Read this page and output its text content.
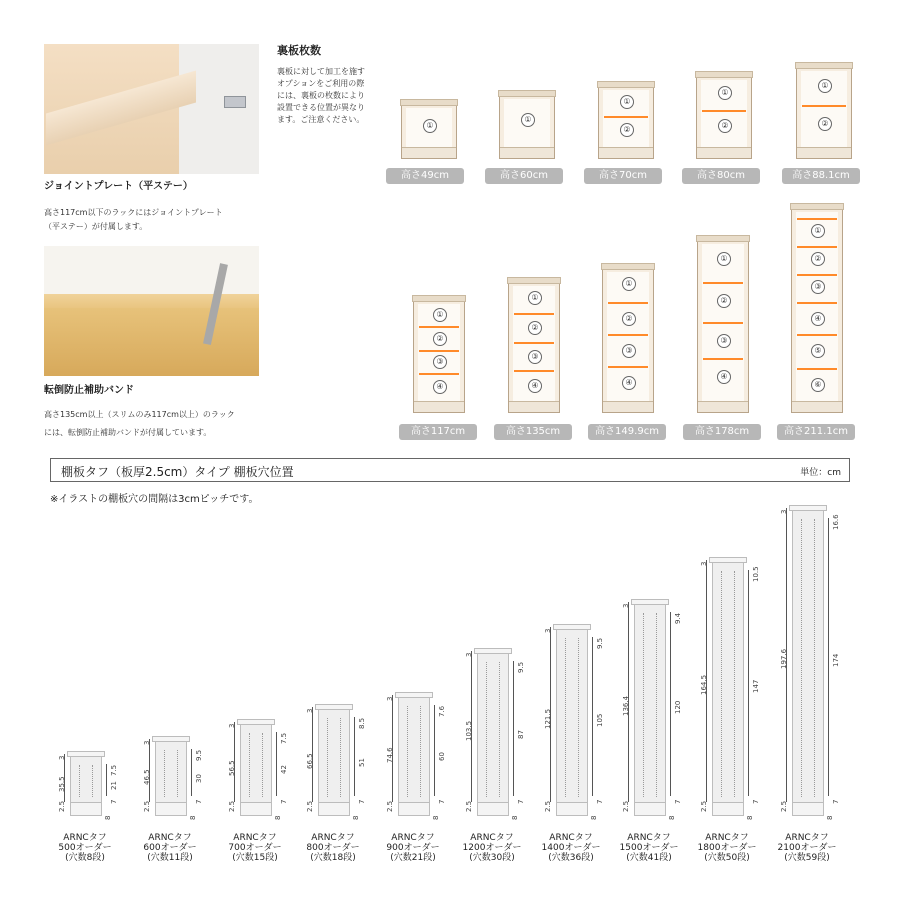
ジョイントプレート（平ステー）
高さ117cm以下のラックにはジョイントプレート
（平ステー）が付属します。
転倒防止補助バンド
高さ135cm以上（スリムのみ117cm以上）のラック
には、転倒防止補助バンドが付属しています。
裏板枚数
裏板に対して加工を施す
オプションをご利用の際
には、裏板の枚数により
設置できる位置が異なり
ます。ご注意ください。
①
高さ49cm
①
高さ60cm
①
②
高さ70cm
①
②
高さ80cm
①
②
高さ88.1cm
①
②
③
④
高さ117cm
①
②
③
④
高さ135cm
①
②
③
④
高さ149.9cm
①
②
③
④
高さ178cm
①
②
③
④
⑤
⑥
高さ211.1cm
棚板タフ（板厚2.5cm）タイプ 棚板穴位置	単位：cm
※イラストの棚板穴の間隔は3cmピッチです。
ARNCタフ
500オーダー
(穴数8段)
35.5
3
2.5
7.5
21
7
8
ARNCタフ
600オーダー
(穴数11段)
46.5
3
2.5
9.5
30
7
8
ARNCタフ
700オーダー
(穴数15段)
56.5
3
2.5
7.5
42
7
8
ARNCタフ
800オーダー
(穴数18段)
66.5
3
2.5
8.5
51
7
8
ARNCタフ
900オーダー
(穴数21段)
74.6
3
2.5
7.6
60
7
8
ARNCタフ
1200オーダー
(穴数30段)
103.5
3
2.5
9.5
87
7
8
ARNCタフ
1400オーダー
(穴数36段)
121.5
3
2.5
9.5
105
7
8
ARNCタフ
1500オーダー
(穴数41段)
136.4
3
2.5
9.4
120
7
8
ARNCタフ
1800オーダー
(穴数50段)
164.5
3
2.5
10.5
147
7
8
ARNCタフ
2100オーダー
(穴数59段)
197.6
3
2.5
16.6
174
7
8
